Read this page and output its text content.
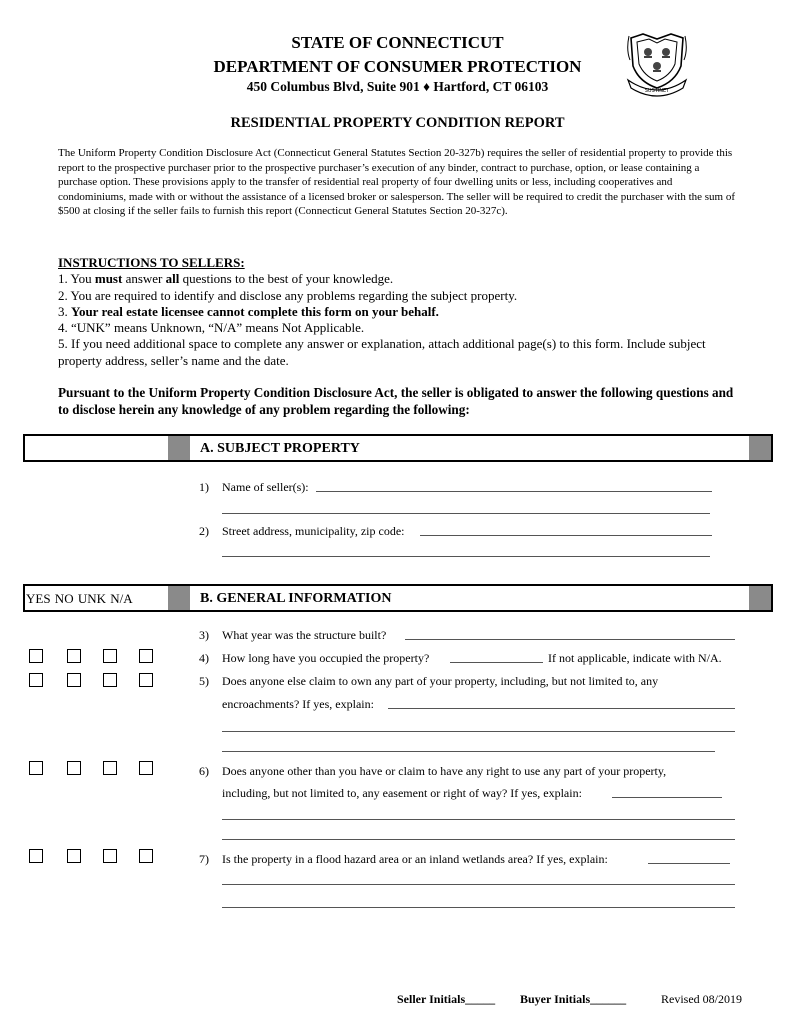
STATE OF CONNECTICUT
DEPARTMENT OF CONSUMER PROTECTION
450 Columbus Blvd, Suite 901 ♦ Hartford, CT 06103	SUSTINET
RESIDENTIAL PROPERTY CONDITION REPORT
The Uniform Property Condition Disclosure Act (Connecticut General Statutes Section 20-327b) requires the seller of residential property to provide this report to the prospective purchaser prior to the prospective purchaser’s execution of any binder, contract to purchase, option, or lease containing a purchase option. These provisions apply to the transfer of residential real property of four dwelling units or less, including cooperatives and condominiums, made with or without the assistance of a licensed broker or salesperson. The seller will be required to credit the purchaser with the sum of $500 at closing if the seller fails to furnish this report (Connecticut General Statutes Section 20-327c).
INSTRUCTIONS TO SELLERS:
1. You must answer all questions to the best of your knowledge.
2. You are required to identify and disclose any problems regarding the subject property.
3. Your real estate licensee cannot complete this form on your behalf.
4. “UNK” means Unknown, “N/A” means Not Applicable.
5. If you need additional space to complete any answer or explanation, attach additional page(s) to this form. Include subject property address, seller’s name and the date.
Pursuant to the Uniform Property Condition Disclosure Act, the seller is obligated to answer the following questions and to disclose herein any knowledge of any problem regarding the following:
A. SUBJECT PROPERTY
1) Name of seller(s):
2) Street address, municipality, zip code:
YES NO UNK N/A	B. GENERAL INFORMATION
3) What year was the structure built?
4) How long have you occupied the property?	If not applicable, indicate with N/A.
5) Does anyone else claim to own any part of your property, including, but not limited to, any
encroachments? If yes, explain:
6) Does anyone other than you have or claim to have any right to use any part of your property,
including, but not limited to, any easement or right of way? If yes, explain:
7) Is the property in a flood hazard area or an inland wetlands area? If yes, explain:
Seller Initials_____ Buyer Initials______	Revised 08/2019
